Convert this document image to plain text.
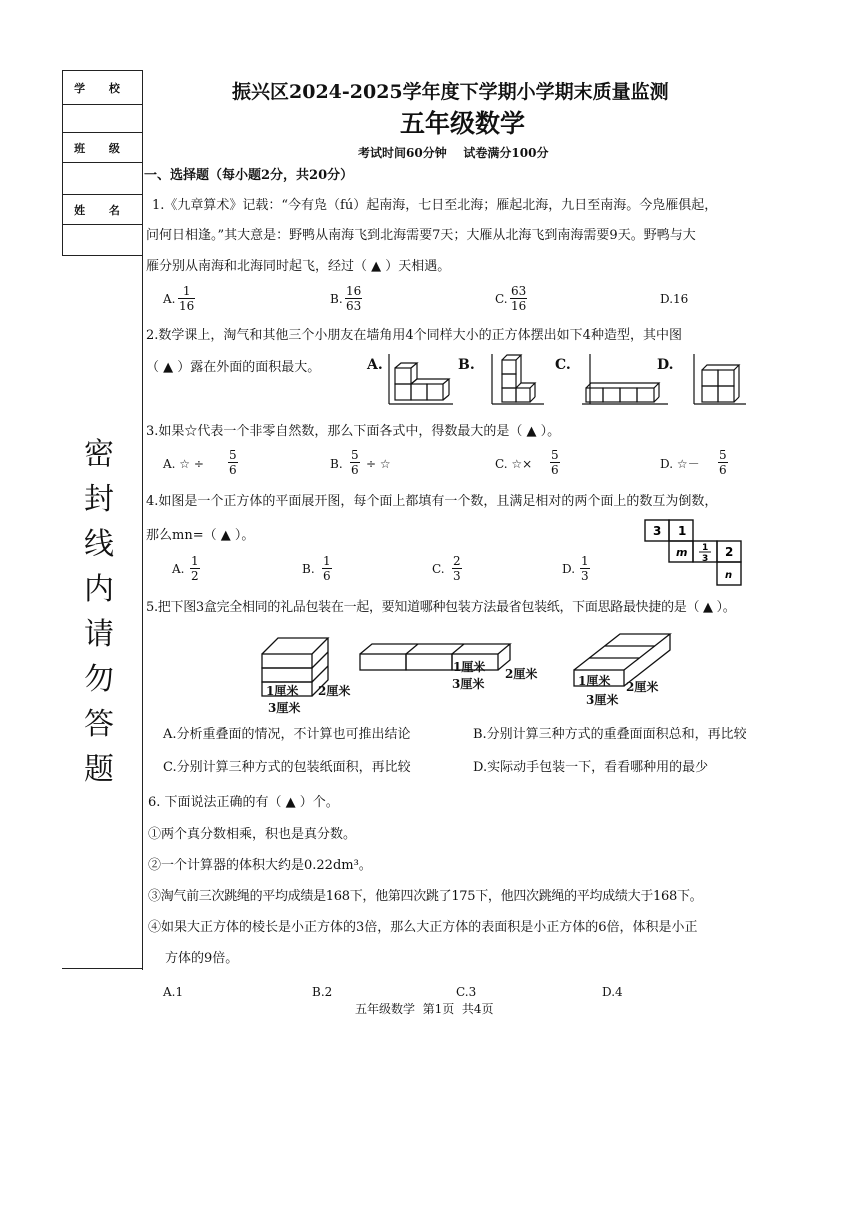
学 校
班 级
姓 名
密
封
线
内
请
勿
答
题
振兴区2024-2025学年度下学期小学期末质量监测
五年级数学
考试时间60分钟    试卷满分100分
一、选择题（每小题2分，共20分）
1.《九章算术》记载：“今有凫（fú）起南海，七日至北海；雁起北海，九日至南海。今凫雁俱起，
问何日相逢。”其大意是：野鸭从南海飞到北海需要7天；大雁从北海飞到南海需要9天。野鸭与大
雁分别从南海和北海同时起飞，经过（ ▲ ）天相遇。
A. $\frac{1}{16}$	B. $\frac{16}{63}$	C. $\frac{63}{16}$	D.16
2.数学课上，淘气和其他三个小朋友在墙角用4个同样大小的正方体摆出如下4种造型，其中图
（ ▲ ）露在外面的面积最大。	A.	B.	C.	D.
3.如果☆代表一个非零自然数，那么下面各式中，得数最大的是（ ▲ ）。
A. ☆ ÷ $\frac{5}{6}$	B. $\frac{5}{6}$ ÷ ☆	C. ☆× $\frac{5}{6}$	D. ☆－ $\frac{5}{6}$
4.如图是一个正方体的平面展开图，每个面上都填有一个数，且满足相对的两个面上的数互为倒数，
那么mn=（ ▲ ）。	3 1
m 1
3 2
n
A. $\frac{1}{2}$	B. $\frac{1}{6}$	C. $\frac{2}{3}$	D. $\frac{1}{3}$
5.把下图3盒完全相同的礼品包装在一起，要知道哪种包装方法最省包装纸，下面思路最快捷的是（ ▲ ）。
1厘米 2厘米
3厘米
1厘米 2厘米
3厘米	1厘米 2厘米
3厘米
A.分析重叠面的情况，不计算也可推出结论	B.分别计算三种方式的重叠面面积总和，再比较
C.分别计算三种方式的包装纸面积，再比较	D.实际动手包装一下，看看哪种用的最少
6. 下面说法正确的有（ ▲ ）个。
①两个真分数相乘，积也是真分数。
②一个计算器的体积大约是0.22dm³。
③淘气前三次跳绳的平均成绩是168下，他第四次跳了175下，他四次跳绳的平均成绩大于168下。
④如果大正方体的棱长是小正方体的3倍，那么大正方体的表面积是小正方体的6倍，体积是小正
方体的9倍。
A.1	B.2	C.3	D.4
五年级数学  第1页  共4页
